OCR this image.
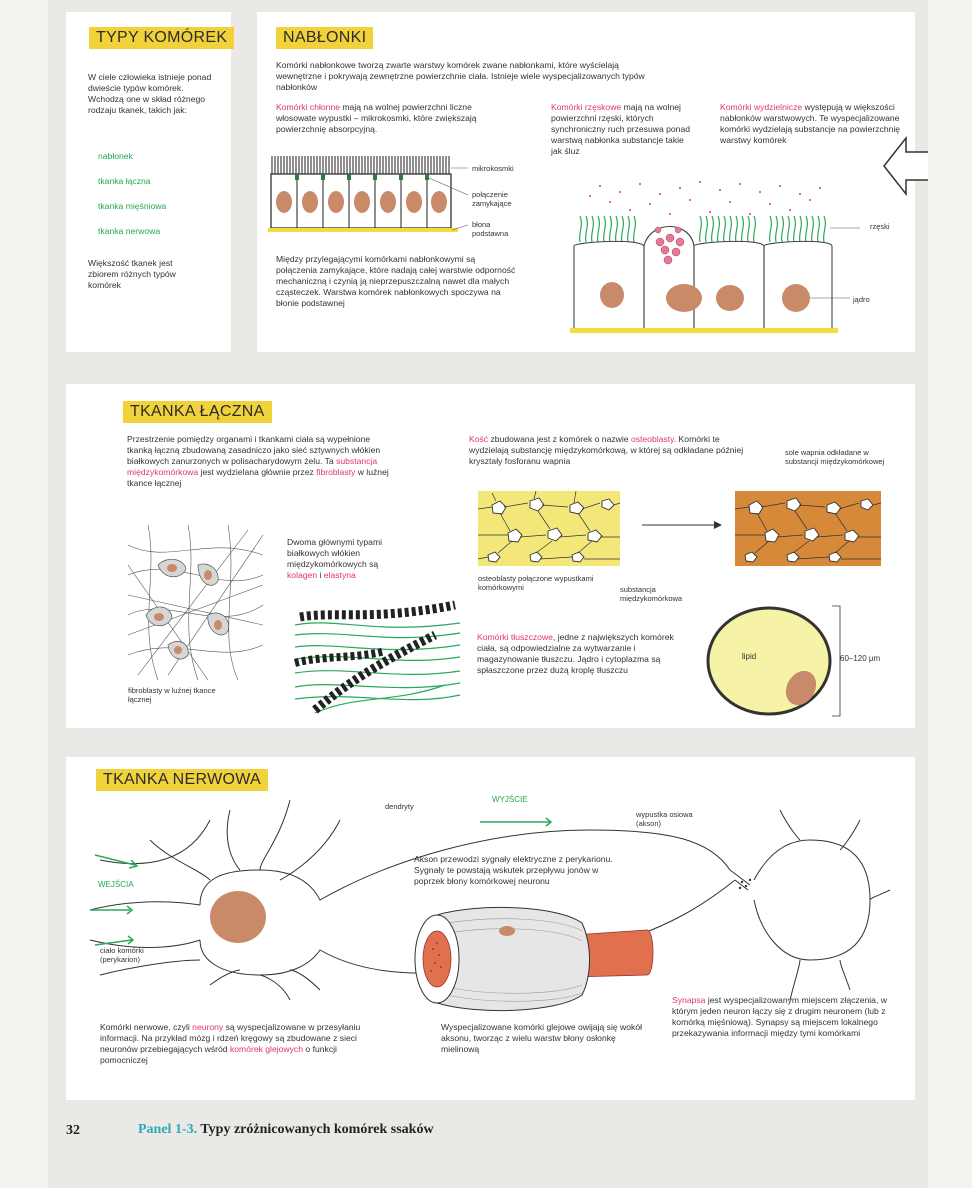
TYPY KOMÓREK

W ciele człowieka istnieje ponad dwieście typów komórek. Wchodzą one w skład różnego rodzaju tkanek, takich jak:

nabłonek
tkanka łączna
tkanka mięśniowa
tkanka nerwowa

Większość tkanek jest zbiorem różnych typów komórek

NABŁONKI

Komórki nabłonkowe tworzą zwarte warstwy komórek zwane nabłonkami, które wyścielają wewnętrzne i pokrywają zewnętrzne powierzchnie ciała. Istnieje wiele wyspecjalizowanych typów nabłonków

Komórki chłonne mają na wolnej powierzchni liczne włosowate wypustki – mikrokosmki, które zwiększają powierzchnię absorpcyjną.

Komórki rzęskowe mają na wolnej powierzchni rzęski, których synchroniczny ruch przesuwa ponad warstwą nabłonka substancje takie jak śluz

Komórki wydzielnicze występują w większości nabłonków warstwowych. Te wyspecjalizowane komórki wydzielają substancje na powierzchnię warstwy komórek

mikrokosmki
połączenie zamykające
błona podstawna

Między przylegającymi komórkami nabłonkowymi są połączenia zamykające, które nadają całej warstwie odporność mechaniczną i czynią ją nieprzepuszczalną nawet dla małych cząsteczek. Warstwa komórek nabłonkowych spoczywa na błonie podstawnej

rzęski
jądro
TKANKA ŁĄCZNA

Przestrzenie pomiędzy organami i tkankami ciała są wypełnione tkanką łączną zbudowaną zasadniczo jako sieć sztywnych włókien białkowych zanurzonych w polisacharydowym żelu. Ta substancja międzykomórkowa jest wydzielana głównie przez fibroblasty w luźnej tkance łącznej

Kość zbudowana jest z komórek o nazwie osteoblasty. Komórki te wydzielają substancję międzykomórkową, w której są odkładane później kryształy fosforanu wapnia

sole wapnia odkładane w substancji międzykomórkowej
osteoblasty połączone wypustkami komórkowymi	substancja międzykomórkowa
fibroblasty w luźnej tkance łącznej

Dwoma głównymi typami białkowych włókien międzykomórkowych są kolagen i elastyna

Komórki tłuszczowe, jedne z największych komórek ciała, są odpowiedzialne za wytwarzanie i magazynowanie tłuszczu. Jądro i cytoplazma są spłaszczone przez dużą kroplę tłuszczu

lipid	60–120 μm
TKANKA NERWOWA
dendryty
WYJŚCIE
wypustka osiowa (akson)
WEJŚCIA
ciało komórki (perykarion)

Akson przewodzi sygnały elektryczne z perykarionu. Sygnały te powstają wskutek przepływu jonów w poprzek błony komórkowej neuronu

Komórki nerwowe, czyli neurony są wyspecjalizowane w przesyłaniu informacji. Na przykład mózg i rdzeń kręgowy są zbudowane z sieci neuronów przebiegających wśród komórek glejowych o funkcji pomocniczej

Wyspecjalizowane komórki glejowe owijają się wokół aksonu, tworząc z wielu warstw błony osłonkę mielinową

Synapsa jest wyspecjalizowanym miejscem złączenia, w którym jeden neuron łączy się z drugim neuronem (lub z komórką mięśniową). Synapsy są miejscem lokalnego przekazywania informacji między tymi komórkami

32	Panel 1-3. Typy zróżnicowanych komórek ssaków
